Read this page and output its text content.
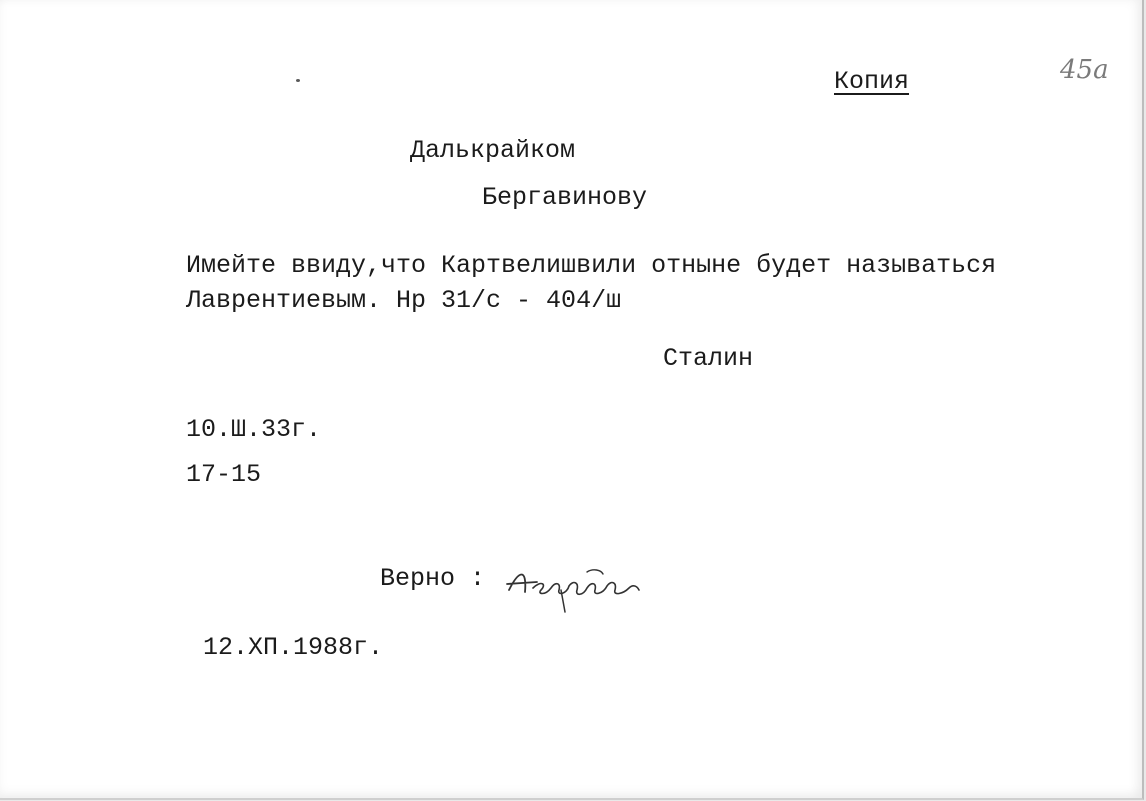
45а
Копия
Далькрайком
Бергавинову
Имейте ввиду,что Картвелишвили отныне будет называться
Лаврентиевым. Нр 31/с - 404/ш
Сталин
10.Ш.33г.
17-15
Верно :
12.ХП.1988г.
